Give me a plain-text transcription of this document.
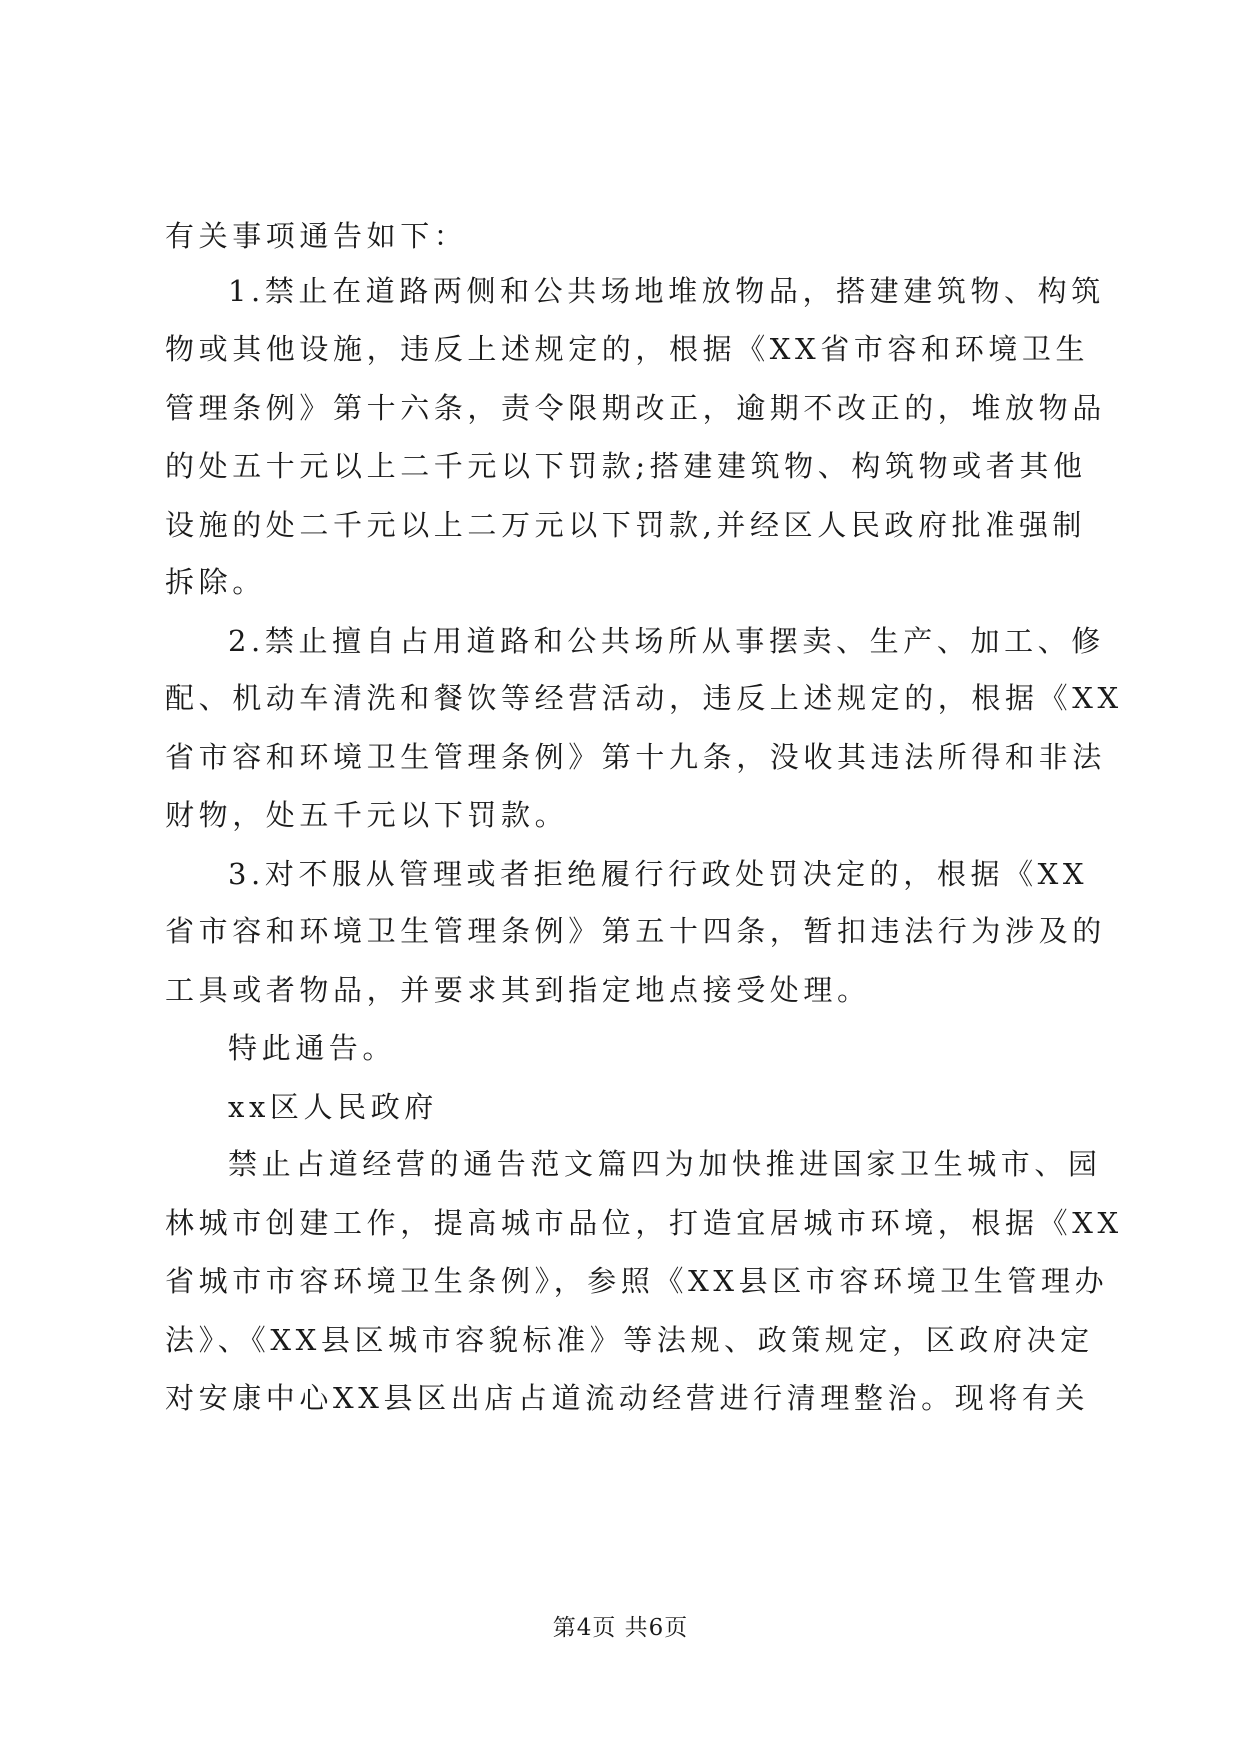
有关事项通告如下：
1.禁止在道路两侧和公共场地堆放物品，搭建建筑物、构筑
物或其他设施，违反上述规定的，根据《XX省市容和环境卫生
管理条例》第十六条，责令限期改正，逾期不改正的，堆放物品
的处五十元以上二千元以下罚款;搭建建筑物、构筑物或者其他
设施的处二千元以上二万元以下罚款,并经区人民政府批准强制
拆除。
2.禁止擅自占用道路和公共场所从事摆卖、生产、加工、修
配、机动车清洗和餐饮等经营活动，违反上述规定的，根据《XX
省市容和环境卫生管理条例》第十九条，没收其违法所得和非法
财物，处五千元以下罚款。
3.对不服从管理或者拒绝履行行政处罚决定的，根据《XX
省市容和环境卫生管理条例》第五十四条，暂扣违法行为涉及的
工具或者物品，并要求其到指定地点接受处理。
特此通告。
xx区人民政府
禁止占道经营的通告范文篇四为加快推进国家卫生城市、园
林城市创建工作，提高城市品位，打造宜居城市环境，根据《XX
省城市市容环境卫生条例》，参照《XX县区市容环境卫生管理办
法》、《XX县区城市容貌标准》等法规、政策规定，区政府决定
对安康中心XX县区出店占道流动经营进行清理整治。现将有关
第4页 共6页
